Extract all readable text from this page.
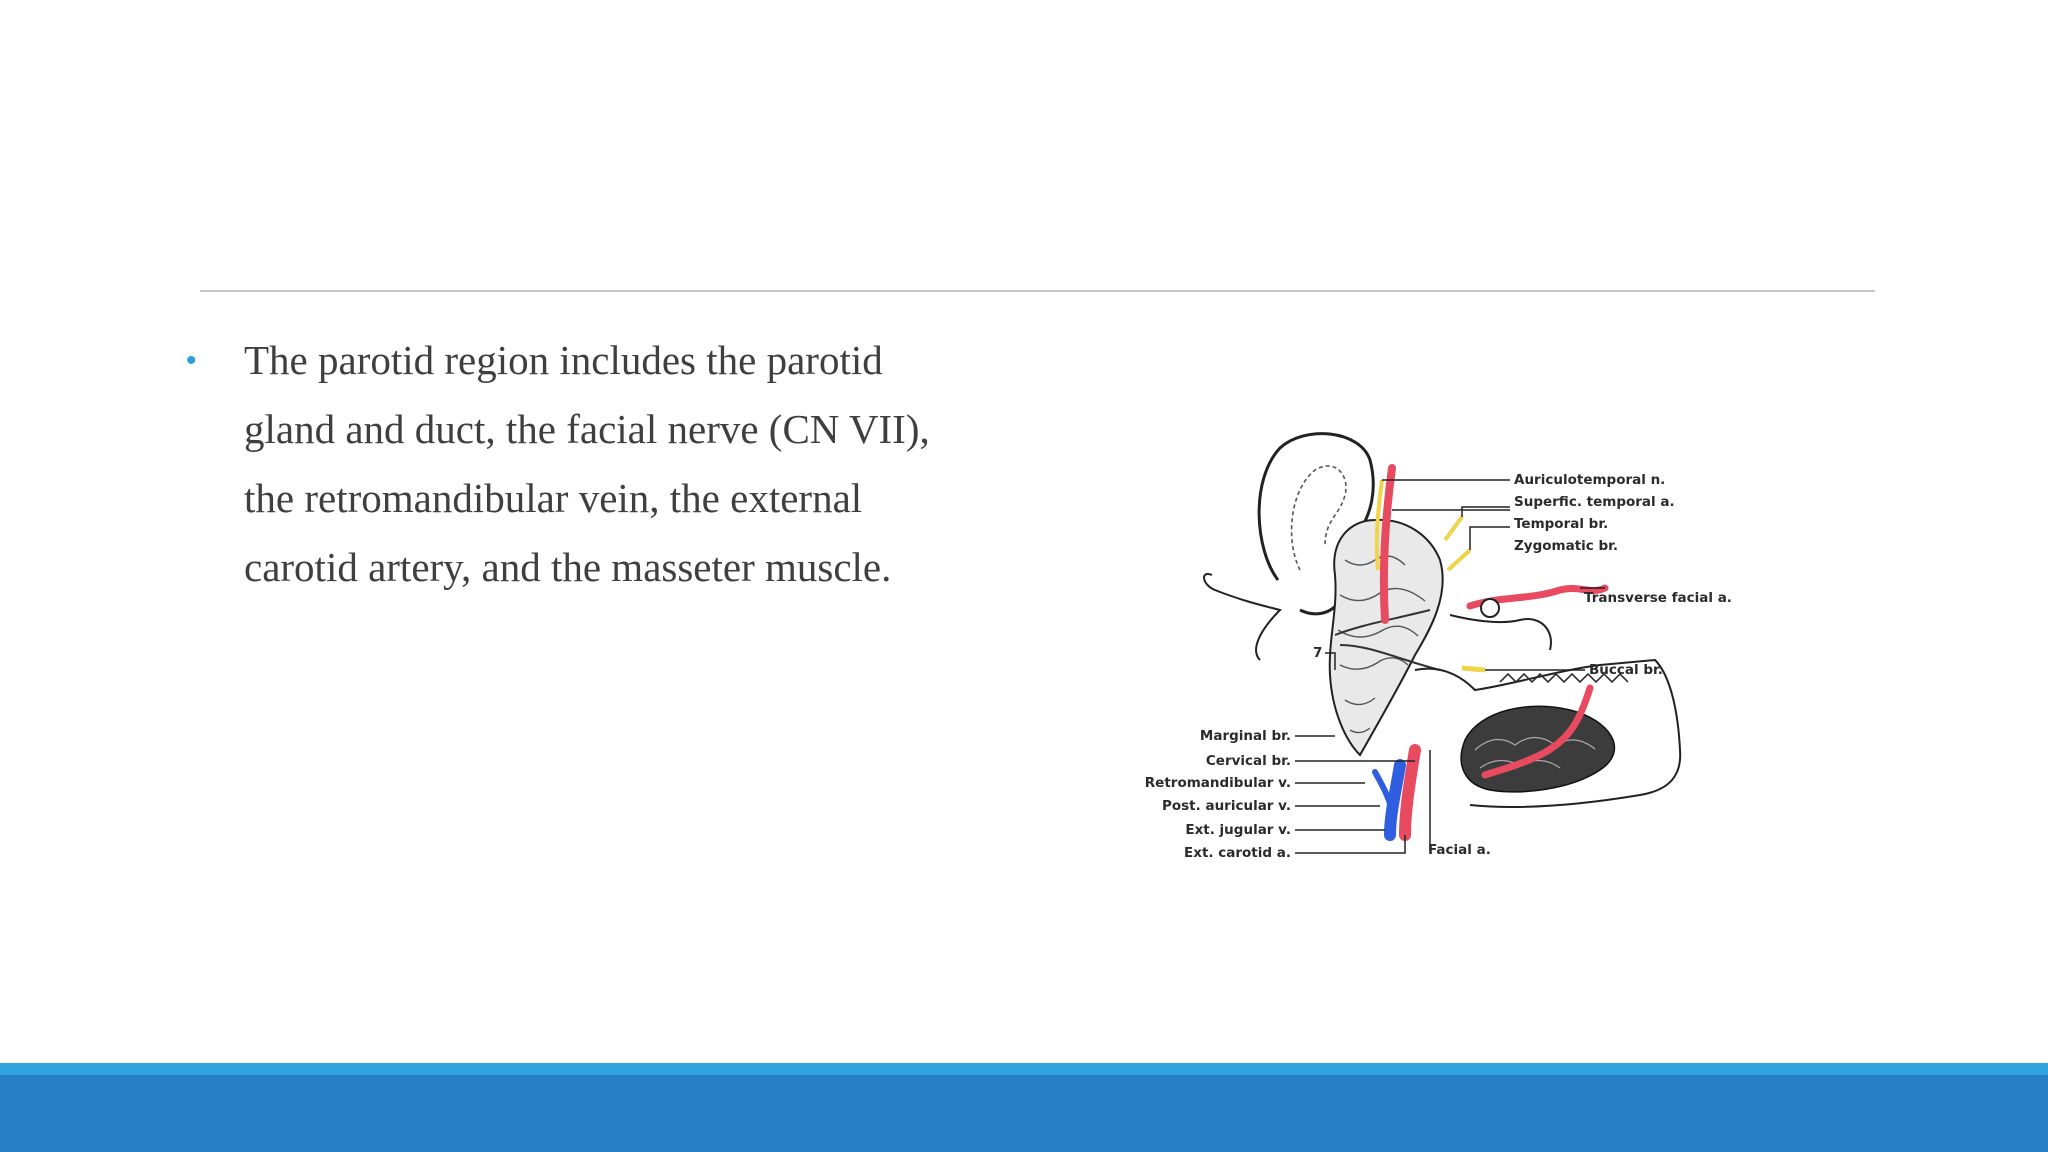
•	The parotid region includes the parotid
gland and duct, the facial nerve (CN VII),
the retromandibular vein, the external
carotid artery, and the masseter muscle.
Auriculotemporal n.
Superfic. temporal a.
Temporal br.
Zygomatic br.
Transverse facial a.
Buccal br.
Marginal br.
Cervical br.
Retromandibular v.
Post. auricular v.
Ext. jugular v.
Ext. carotid a.	Facial a.
7
